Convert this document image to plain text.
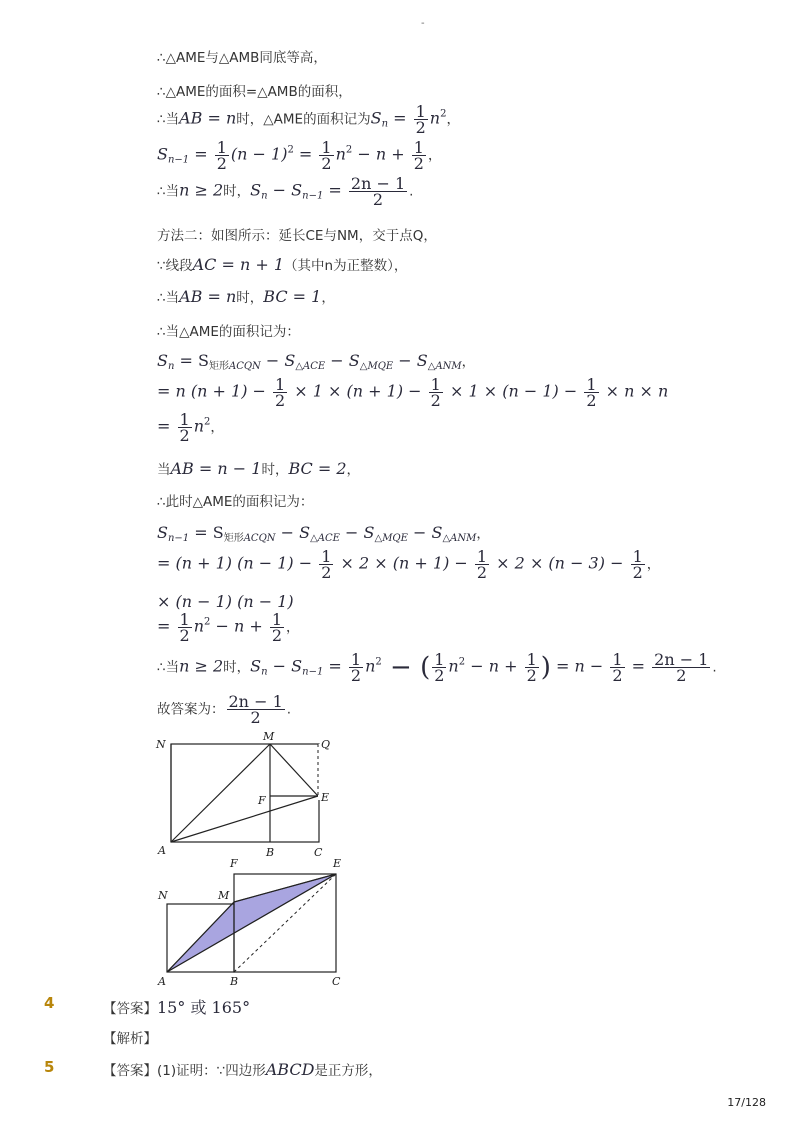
-
∴△AME与△AMB同底等高，
∴△AME的面积=△AMB的面积，
∴当AB = n时，△AME的面积记为$S_n = \frac{1}{2} n^2$，
$S_{n-1} = \frac{1}{2} (n - 1)^2 = \frac{1}{2} n^2 - n + \frac{1}{2}$ ，
∴当n ≥ 2时，$S_n - S_{n-1} = \frac{2n - 1}{2}$ .
方法二：如图所示：延长CE与NM，交于点Q，
∵线段AC = n + 1（其中n为正整数），
∴当AB = n时，BC = 1，
∴当△AME的面积记为：
$S_n = S_{矩形ACQN} - S_{\triangle ACE} - S_{\triangle MQE} - S_{\triangle ANM}$，
= n $(n + 1) - \frac{1}{2} \times 1 \times (n + 1) - \frac{1}{2} \times 1 \times (n - 1) - \frac{1}{2} \times n \times n$
= $\frac{1}{2} n^2$，
当AB = n − 1时，BC = 2，
∴此时△AME的面积记为：
$S_{n-1} = S_{矩形ACQN} - S_{\triangle ACE} - S_{\triangle MQE} - S_{\triangle ANM}$，
= (n + 1) $(n - 1) - \frac{1}{2} \times 2 \times (n + 1) - \frac{1}{2} \times 2 \times (n - 3) - \frac{1}{2}$ ，
× (n − 1) (n − 1)
= $\frac{1}{2} n^2 - n + \frac{1}{2}$ ，
∴当n ≥ 2时，$S_n - S_{n-1} = \frac{1}{2} n^2$ − ( $\frac{1}{2} n^2 - n + \frac{1}{2}$ ) = $n - \frac{1}{2} = \frac{2n - 1}{2}$ .
故答案为： $\frac{2n - 1}{2}$ .
N
M
Q
F	E
A	B	C
F	E
N	M
A	B	C
4	【答案】15° 或 165°
【解析】
5	【答案】(1)证明：∵四边形ABCD是正方形，
17/128
